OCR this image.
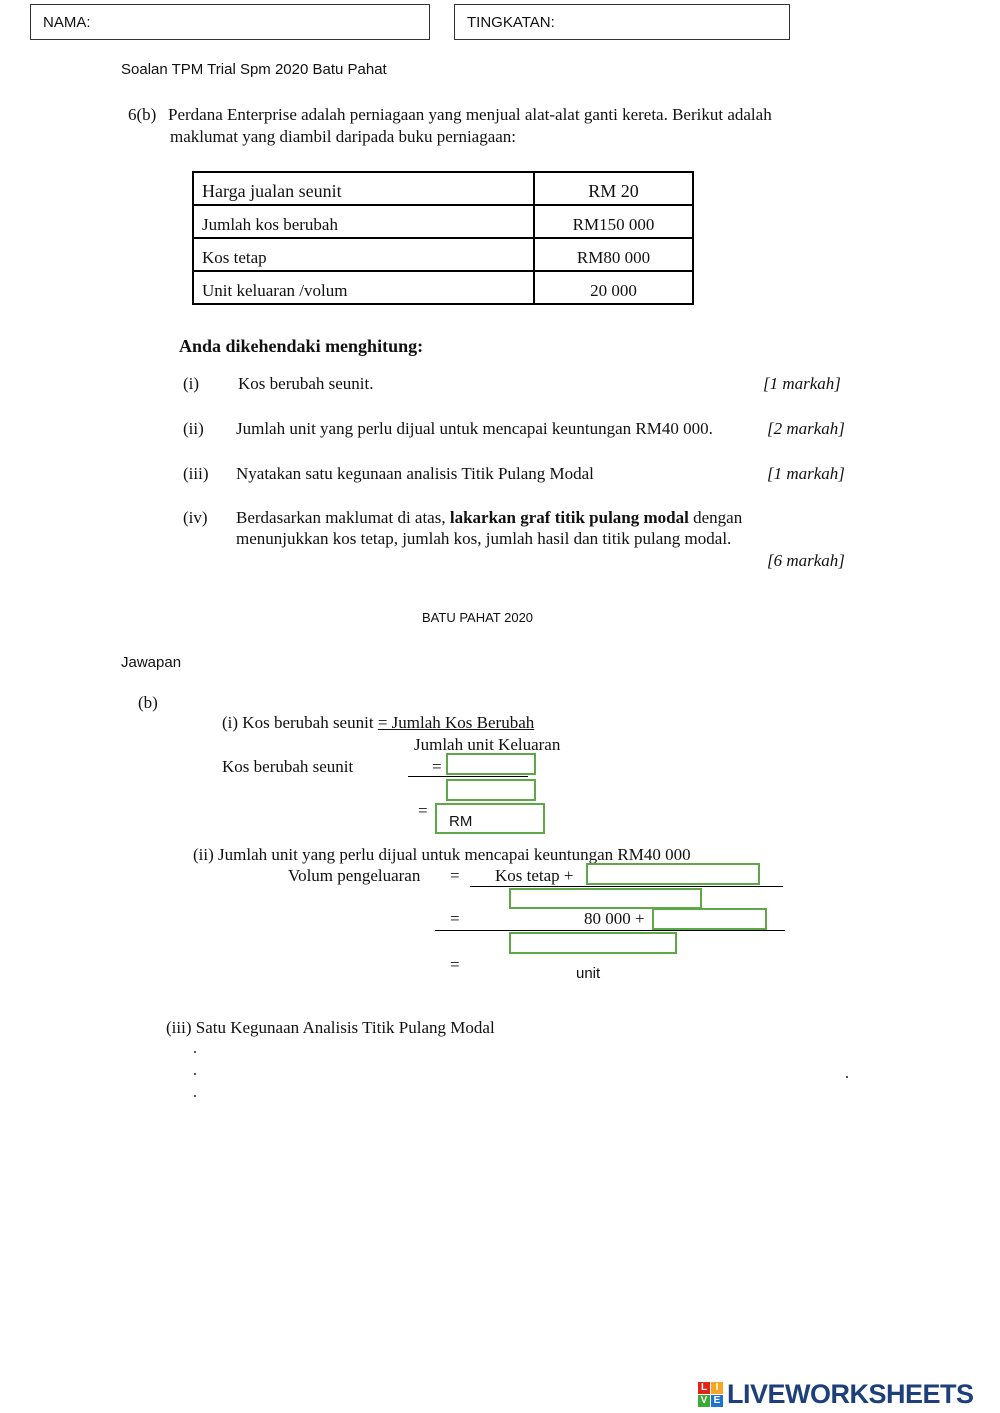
NAMA:	TINGKATAN:
Soalan TPM Trial Spm 2020 Batu Pahat
6(b) Perdana Enterprise adalah perniagaan yang menjual alat-alat ganti kereta. Berikut adalah
maklumat yang diambil daripada buku perniagaan:
Harga jualan seunit	RM 20
Jumlah kos berubah	RM150 000
Kos tetap	RM80 000
Unit keluaran /volum	20 000
Anda dikehendaki menghitung:
(i) Kos berubah seunit.	[1 markah]
(ii) Jumlah unit yang perlu dijual untuk mencapai keuntungan RM40 000.	[2 markah]
(iii) Nyatakan satu kegunaan analisis Titik Pulang Modal	[1 markah]
(iv) Berdasarkan maklumat di atas, lakarkan graf titik pulang modal dengan
menunjukkan kos tetap, jumlah kos, jumlah hasil dan titik pulang modal.
[6 markah]
BATU PAHAT 2020
Jawapan
(b)
(i) Kos berubah seunit = Jumlah Kos Berubah
Jumlah unit Keluaran
Kos berubah seunit	=
=
RM
(ii) Jumlah unit yang perlu dijual untuk mencapai keuntungan RM40 000
Volum pengeluaran = Kos tetap +
=	80 000 +
=	unit
(iii) Satu Kegunaan Analisis Titik Pulang Modal
L I
V E LIVEWORKSHEETS
